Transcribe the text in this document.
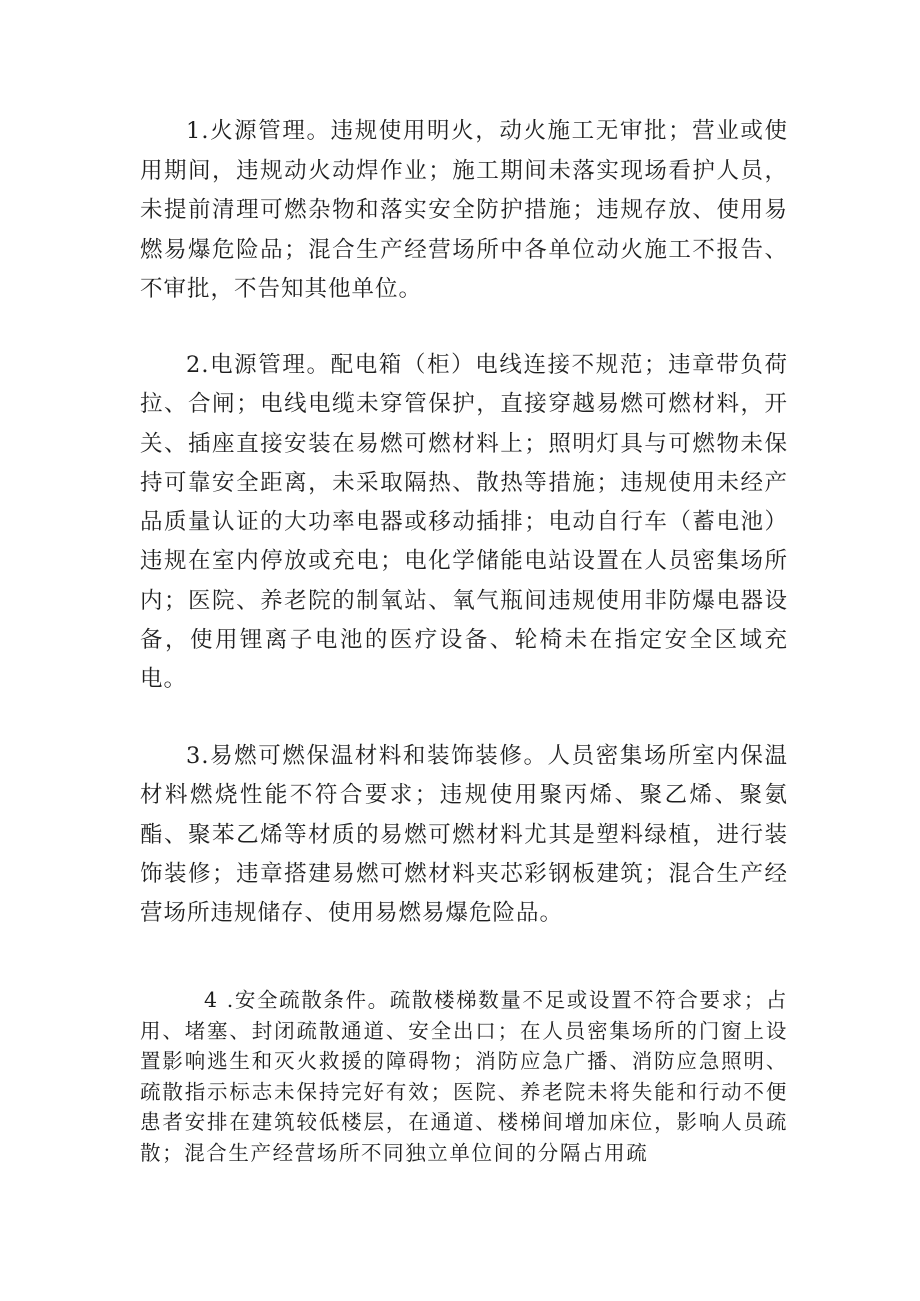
1.火源管理。违规使用明火，动火施工无审批；营业或使用期间，违规动火动焊作业；施工期间未落实现场看护人员，未提前清理可燃杂物和落实安全防护措施；违规存放、使用易燃易爆危险品；混合生产经营场所中各单位动火施工不报告、不审批，不告知其他单位。

2.电源管理。配电箱（柜）电线连接不规范；违章带负荷拉、合闸；电线电缆未穿管保护，直接穿越易燃可燃材料，开关、插座直接安装在易燃可燃材料上；照明灯具与可燃物未保持可靠安全距离，未采取隔热、散热等措施；违规使用未经产品质量认证的大功率电器或移动插排；电动自行车（蓄电池）违规在室内停放或充电；电化学储能电站设置在人员密集场所内；医院、养老院的制氧站、氧气瓶间违规使用非防爆电器设备，使用锂离子电池的医疗设备、轮椅未在指定安全区域充电。

3.易燃可燃保温材料和装饰装修。人员密集场所室内保温材料燃烧性能不符合要求；违规使用聚丙烯、聚乙烯、聚氨酯、聚苯乙烯等材质的易燃可燃材料尤其是塑料绿植，进行装饰装修；违章搭建易燃可燃材料夹芯彩钢板建筑；混合生产经营场所违规储存、使用易燃易爆危险品。

4 .安全疏散条件。疏散楼梯数量不足或设置不符合要求；占用、堵塞、封闭疏散通道、安全出口；在人员密集场所的门窗上设置影响逃生和灭火救援的障碍物；消防应急广播、消防应急照明、疏散指示标志未保持完好有效；医院、养老院未将失能和行动不便患者安排在建筑较低楼层，在通道、楼梯间增加床位，影响人员疏散；混合生产经营场所不同独立单位间的分隔占用疏
